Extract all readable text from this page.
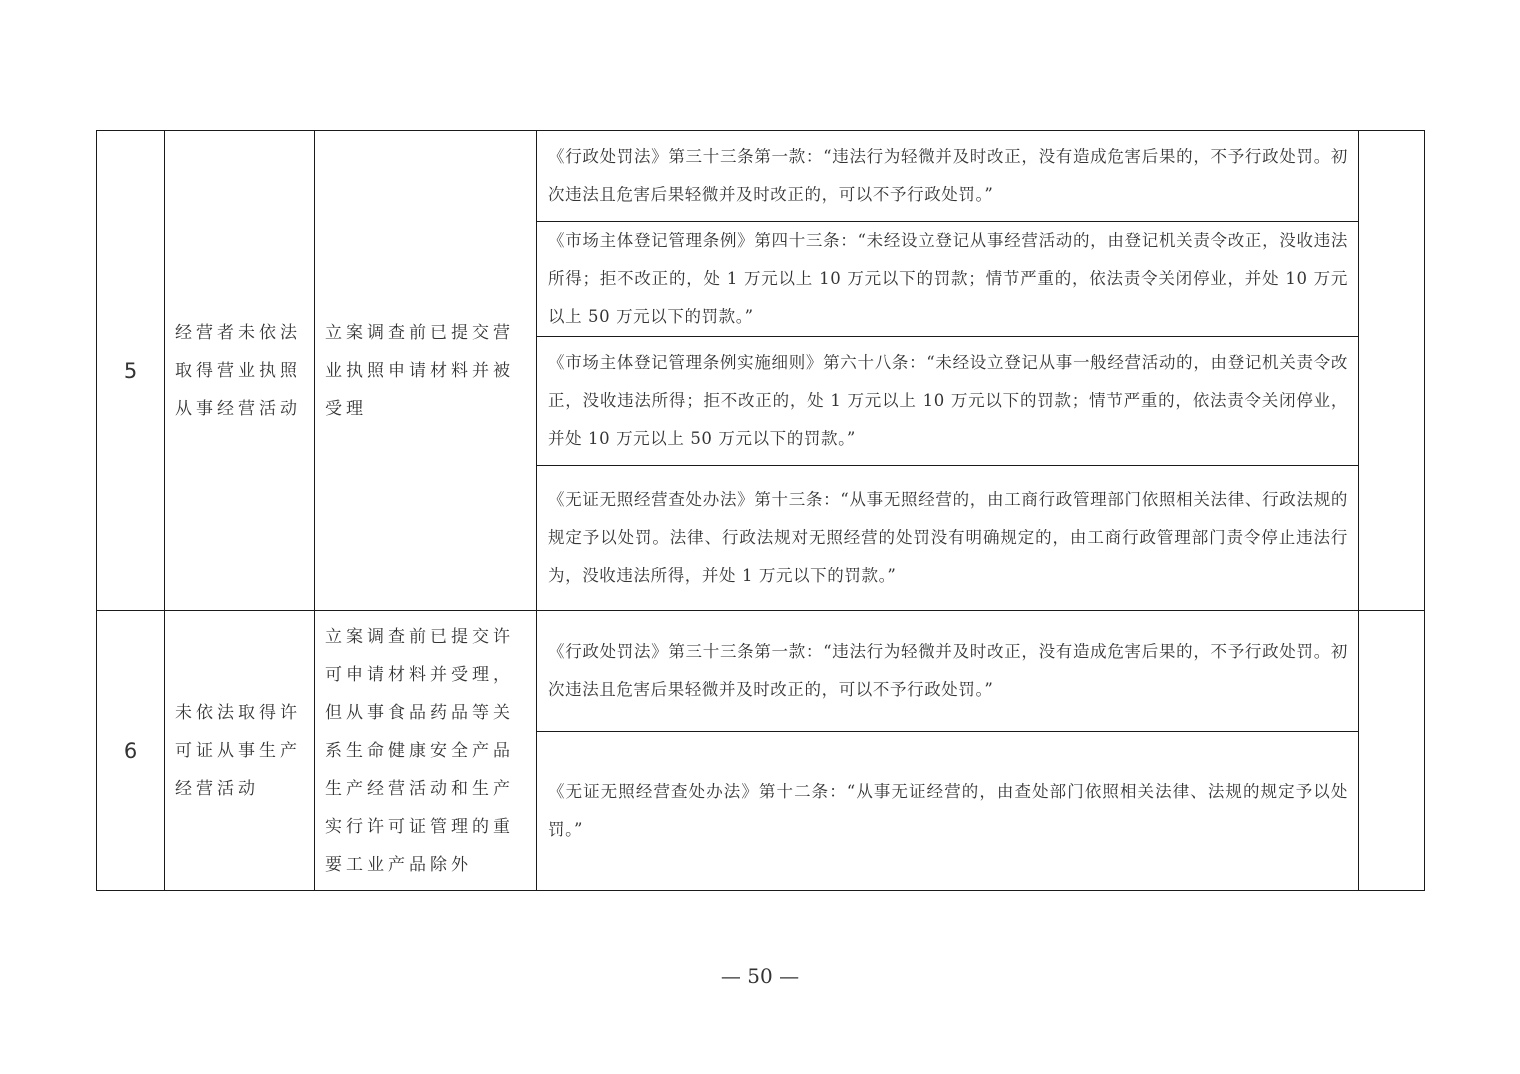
5	经营者未依法取得营业执照从事经营活动	立案调查前已提交营业执照申请材料并被受理	《行政处罚法》第三十三条第一款：“违法行为轻微并及时改正，没有造成危害后果的，不予行政处罚。初次违法且危害后果轻微并及时改正的，可以不予行政处罚。”	
			《市场主体登记管理条例》第四十三条：“未经设立登记从事经营活动的，由登记机关责令改正，没收违法所得；拒不改正的，处 1 万元以上 10 万元以下的罚款；情节严重的，依法责令关闭停业，并处 10 万元以上 50 万元以下的罚款。”	
			《市场主体登记管理条例实施细则》第六十八条：“未经设立登记从事一般经营活动的，由登记机关责令改正，没收违法所得；拒不改正的，处 1 万元以上 10 万元以下的罚款；情节严重的，依法责令关闭停业，并处 10 万元以上 50 万元以下的罚款。”	
			《无证无照经营查处办法》第十三条：“从事无照经营的，由工商行政管理部门依照相关法律、行政法规的规定予以处罚。法律、行政法规对无照经营的处罚没有明确规定的，由工商行政管理部门责令停止违法行为，没收违法所得，并处 1 万元以下的罚款。”	
6	未依法取得许可证从事生产经营活动	立案调查前已提交许可申请材料并受理，但从事食品药品等关系生命健康安全产品生产经营活动和生产实行许可证管理的重要工业产品除外	《行政处罚法》第三十三条第一款：“违法行为轻微并及时改正，没有造成危害后果的，不予行政处罚。初次违法且危害后果轻微并及时改正的，可以不予行政处罚。”	
			《无证无照经营查处办法》第十二条：“从事无证经营的，由查处部门依照相关法律、法规的规定予以处罚。”	
— 50 —
